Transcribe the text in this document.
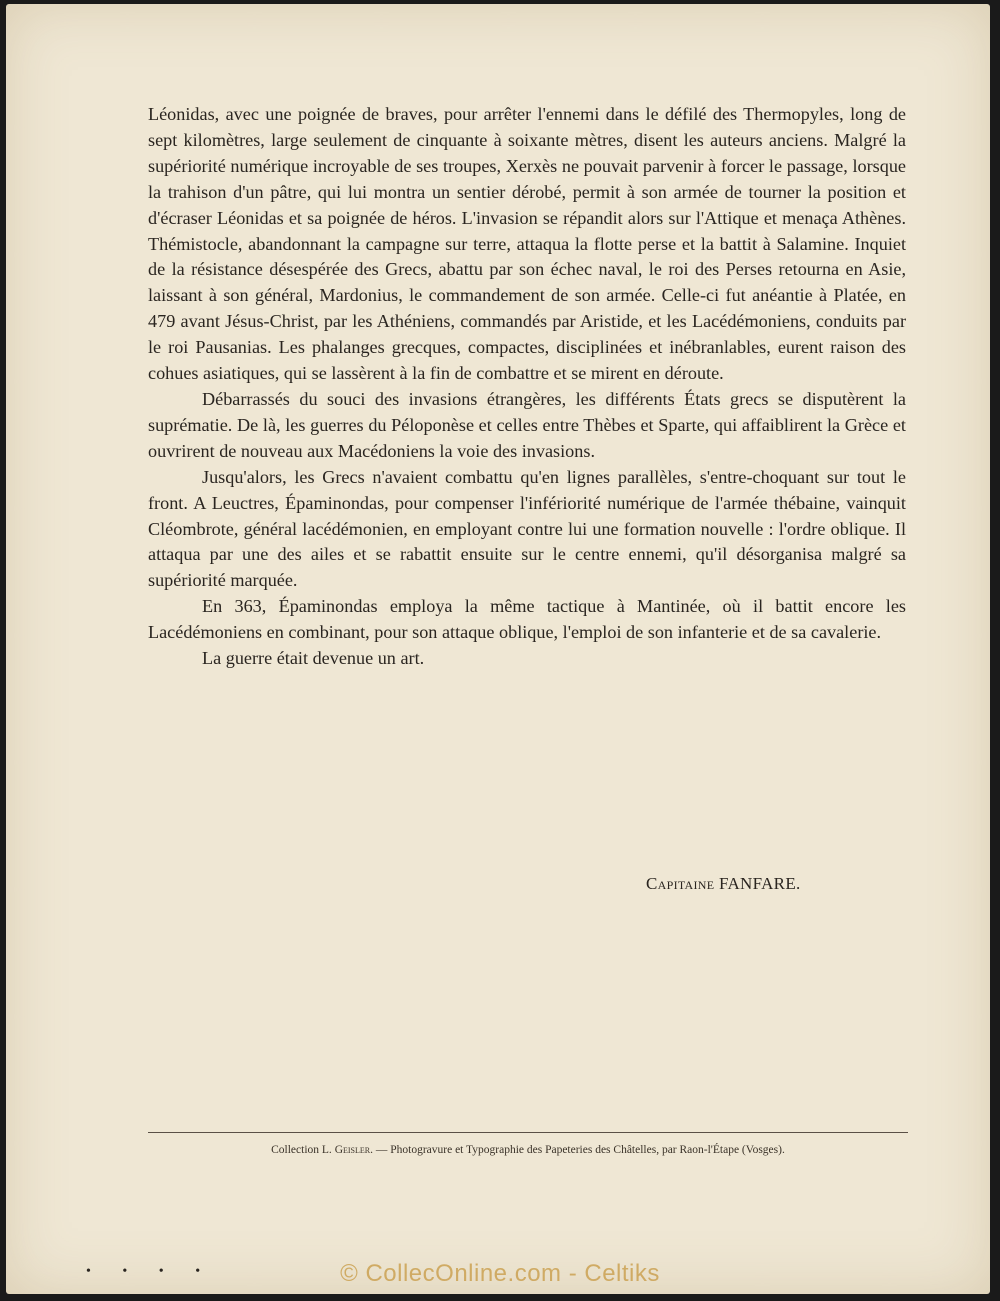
Léonidas, avec une poignée de braves, pour arrêter l'ennemi dans le défilé des Thermopyles, long de sept kilomètres, large seulement de cinquante à soixante mètres, disent les auteurs anciens. Malgré la supériorité numérique incroyable de ses troupes, Xerxès ne pouvait parvenir à forcer le passage, lorsque la trahison d'un pâtre, qui lui montra un sentier dérobé, permit à son armée de tourner la position et d'écraser Léonidas et sa poignée de héros. L'invasion se répandit alors sur l'Attique et menaça Athènes. Thémistocle, abandonnant la campagne sur terre, attaqua la flotte perse et la battit à Salamine. Inquiet de la résistance désespérée des Grecs, abattu par son échec naval, le roi des Perses retourna en Asie, laissant à son général, Mardonius, le commandement de son armée. Celle-ci fut anéantie à Platée, en 479 avant Jésus-Christ, par les Athéniens, commandés par Aristide, et les Lacédémoniens, conduits par le roi Pausanias. Les phalanges grecques, compactes, disciplinées et inébranlables, eurent raison des cohues asiatiques, qui se lassèrent à la fin de combattre et se mirent en déroute.

Débarrassés du souci des invasions étrangères, les différents États grecs se disputèrent la suprématie. De là, les guerres du Péloponèse et celles entre Thèbes et Sparte, qui affaiblirent la Grèce et ouvrirent de nouveau aux Macédoniens la voie des invasions.

Jusqu'alors, les Grecs n'avaient combattu qu'en lignes parallèles, s'entre-choquant sur tout le front. A Leuctres, Épaminondas, pour compenser l'infériorité numérique de l'armée thébaine, vainquit Cléombrote, général lacédémonien, en employant contre lui une formation nouvelle : l'ordre oblique. Il attaqua par une des ailes et se rabattit ensuite sur le centre ennemi, qu'il désorganisa malgré sa supériorité marquée.

En 363, Épaminondas employa la même tactique à Mantinée, où il battit encore les Lacédémoniens en combinant, pour son attaque oblique, l'emploi de son infanterie et de sa cavalerie.

La guerre était devenue un art.

Capitaine FANFARE.
Collection L. Geisler. — Photogravure et Typographie des Papeteries des Châtelles, par Raon-l'Étape (Vosges).
• • • •	© CollecOnline.com - Celtiks
